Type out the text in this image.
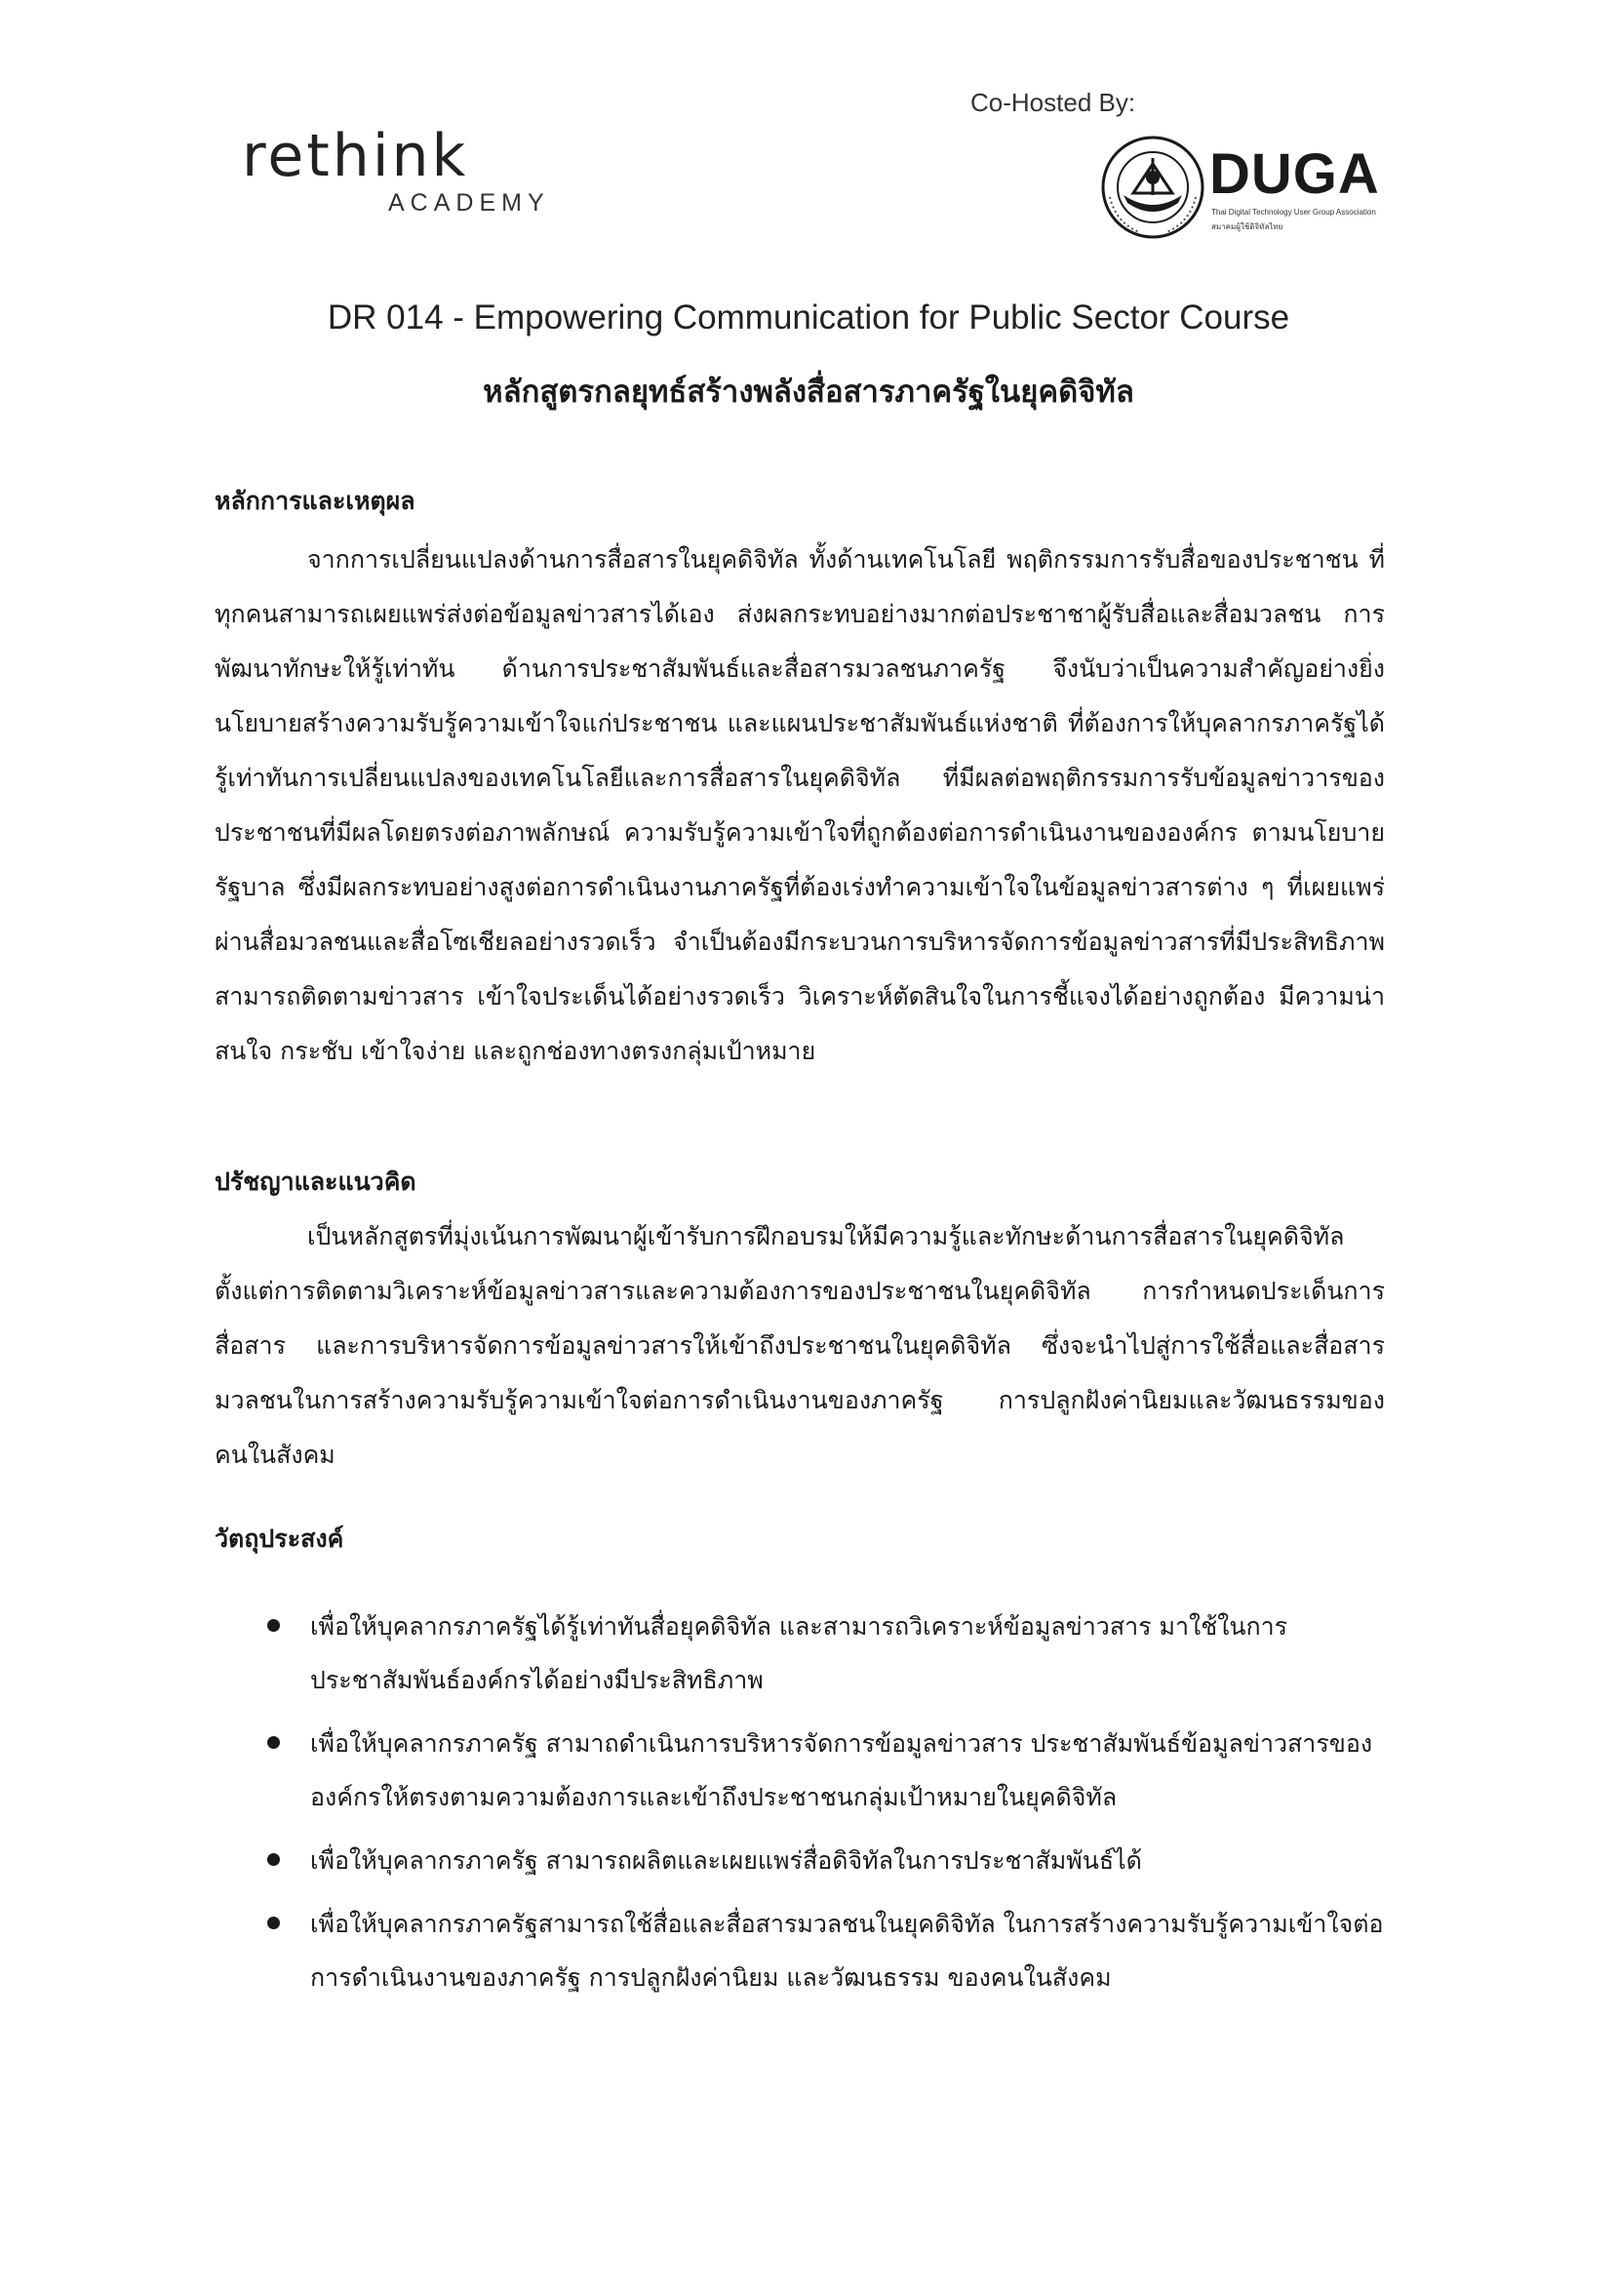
rethink
ACADEMY
Co-Hosted By:
DUGA
Thai Digital Technology User Group Association
สมาคมผู้ใช้ดิจิทัลไทย
DR 014 - Empowering Communication for Public Sector Course
หลักสูตรกลยุทธ์สร้างพลังสื่อสารภาครัฐในยุคดิจิทัล
หลักการและเหตุผล

จากการเปลี่ยนแปลงด้านการสื่อสารในยุคดิจิทัล ทั้งด้านเทคโนโลยี พฤติกรรมการรับสื่อของประชาชน ที่ทุกคนสามารถเผยแพร่ส่งต่อข้อมูลข่าวสารได้เอง ส่งผลกระทบอย่างมากต่อประชาชาผู้รับสื่อและสื่อมวลชน การพัฒนาทักษะให้รู้เท่าทัน ด้านการประชาสัมพันธ์และสื่อสารมวลชนภาครัฐ จึงนับว่าเป็นความสำคัญอย่างยิ่ง นโยบายสร้างความรับรู้ความเข้าใจแก่ประชาชน และแผนประชาสัมพันธ์แห่งชาติ ที่ต้องการให้บุคลากรภาครัฐได้รู้เท่าทันการเปลี่ยนแปลงของเทคโนโลยีและการสื่อสารในยุคดิจิทัล ที่มีผลต่อพฤติกรรมการรับข้อมูลข่าวารของประชาชนที่มีผลโดยตรงต่อภาพลักษณ์ ความรับรู้ความเข้าใจที่ถูกต้องต่อการดำเนินงานขององค์กร ตามนโยบายรัฐบาล ซึ่งมีผลกระทบอย่างสูงต่อการดำเนินงานภาครัฐที่ต้องเร่งทำความเข้าใจในข้อมูลข่าวสารต่าง ๆ ที่เผยแพร่ผ่านสื่อมวลชนและสื่อโซเชียลอย่างรวดเร็ว จำเป็นต้องมีกระบวนการบริหารจัดการข้อมูลข่าวสารที่มีประสิทธิภาพ สามารถติดตามข่าวสาร เข้าใจประเด็นได้อย่างรวดเร็ว วิเคราะห์ตัดสินใจในการชี้แจงได้อย่างถูกต้อง มีความน่าสนใจ กระชับ เข้าใจง่าย และถูกช่องทางตรงกลุ่มเป้าหมาย

ปรัชญาและแนวคิด

เป็นหลักสูตรที่มุ่งเน้นการพัฒนาผู้เข้ารับการฝึกอบรมให้มีความรู้และทักษะด้านการสื่อสารในยุคดิจิทัล ตั้งแต่การติดตามวิเคราะห์ข้อมูลข่าวสารและความต้องการของประชาชนในยุคดิจิทัล การกำหนดประเด็นการสื่อสาร และการบริหารจัดการข้อมูลข่าวสารให้เข้าถึงประชาชนในยุคดิจิทัล ซึ่งจะนำไปสู่การใช้สื่อและสื่อสารมวลชนในการสร้างความรับรู้ความเข้าใจต่อการดำเนินงานของภาครัฐ การปลูกฝังค่านิยมและวัฒนธรรมของคนในสังคม

วัตถุประสงค์
เพื่อให้บุคลากรภาครัฐได้รู้เท่าทันสื่อยุคดิจิทัล และสามารถวิเคราะห์ข้อมูลข่าวสาร มาใช้ในการประชาสัมพันธ์องค์กรได้อย่างมีประสิทธิภาพ
เพื่อให้บุคลากรภาครัฐ สามาถดำเนินการบริหารจัดการข้อมูลข่าวสาร ประชาสัมพันธ์ข้อมูลข่าวสารขององค์กรให้ตรงตามความต้องการและเข้าถึงประชาชนกลุ่มเป้าหมายในยุคดิจิทัล
เพื่อให้บุคลากรภาครัฐ สามารถผลิตและเผยแพร่สื่อดิจิทัลในการประชาสัมพันธ์ได้
เพื่อให้บุคลากรภาครัฐสามารถใช้สื่อและสื่อสารมวลชนในยุคดิจิทัล ในการสร้างความรับรู้ความเข้าใจต่อการดำเนินงานของภาครัฐ การปลูกฝังค่านิยม และวัฒนธรรม ของคนในสังคม
